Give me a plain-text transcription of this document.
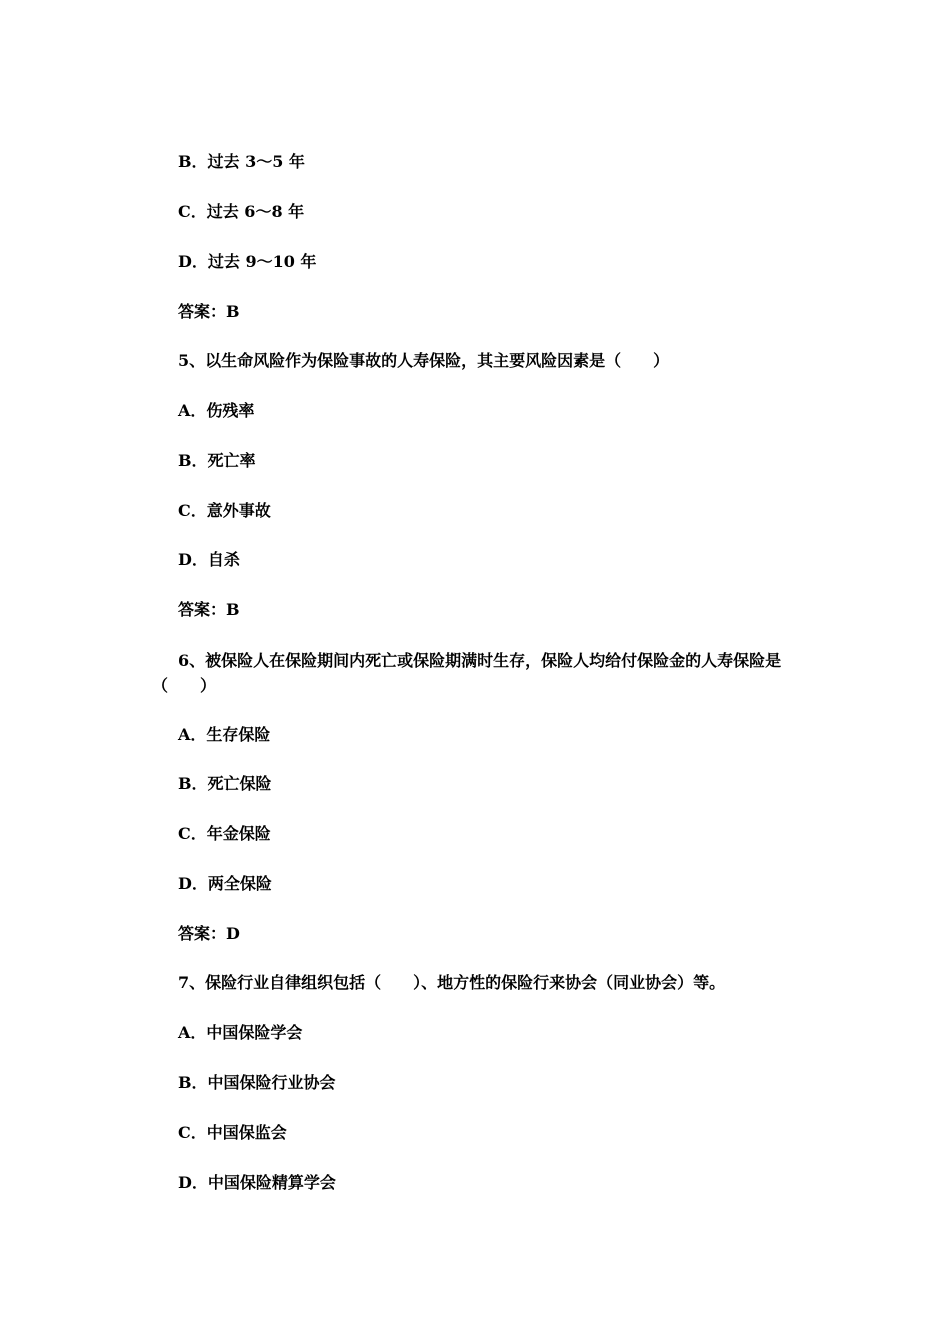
B．过去 3～5 年
C．过去 6～8 年
D．过去 9～10 年
答案：B
5、以生命风险作为保险事故的人寿保险，其主要风险因素是（　　）
A．伤残率
B．死亡率
C．意外事故
D．自杀
答案：B
6、被保险人在保险期间内死亡或保险期满时生存，保险人均给付保险金的人寿保险是（　　）
A．生存保险
B．死亡保险
C．年金保险
D．两全保险
答案：D
7、保险行业自律组织包括（　　）、地方性的保险行来协会（同业协会）等。
A．中国保险学会
B．中国保险行业协会
C．中国保监会
D．中国保险精算学会
